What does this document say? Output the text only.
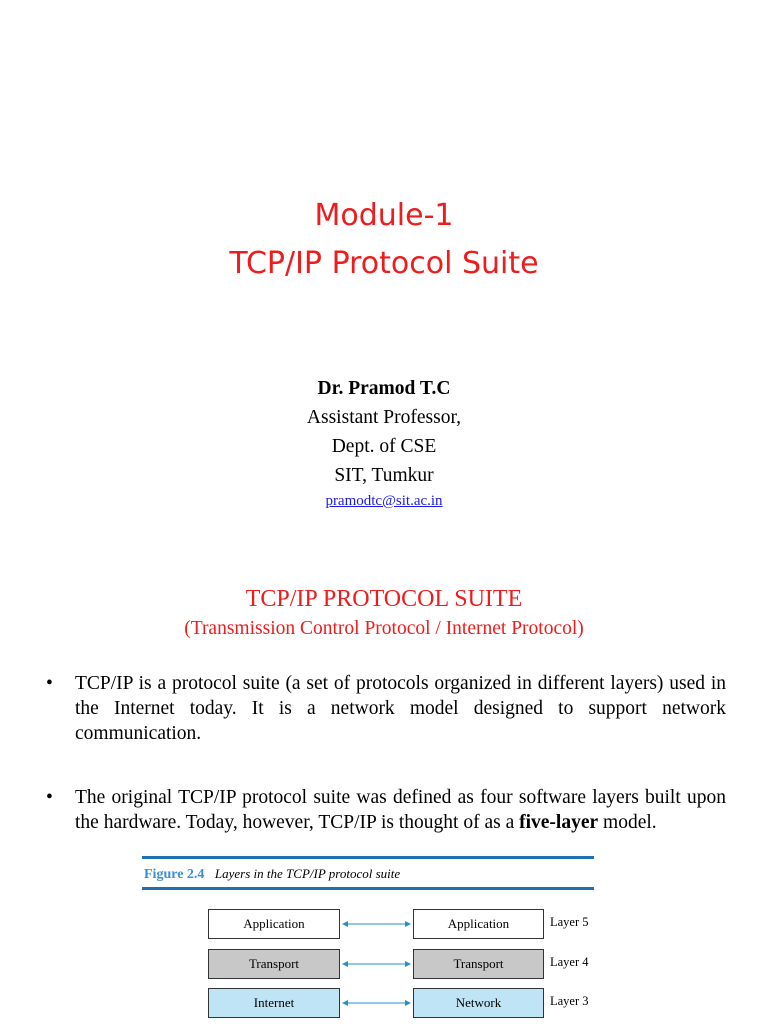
Module-1
TCP/IP Protocol Suite
Dr. Pramod T.C
Assistant Professor,
Dept. of CSE
SIT, Tumkur
pramodtc@sit.ac.in
TCP/IP PROTOCOL SUITE
(Transmission Control Protocol / Internet Protocol)
• TCP/IP is a protocol suite (a set of protocols organized in different layers) used in the Internet today. It is a network model designed to support network communication.
• The original TCP/IP protocol suite was defined as four software layers built upon the hardware. Today, however, TCP/IP is thought of as a five-layer model.
Figure 2.4 Layers in the TCP/IP protocol suite
Application	Application	Layer 5
Transport	Transport	Layer 4
Internet	Network	Layer 3
